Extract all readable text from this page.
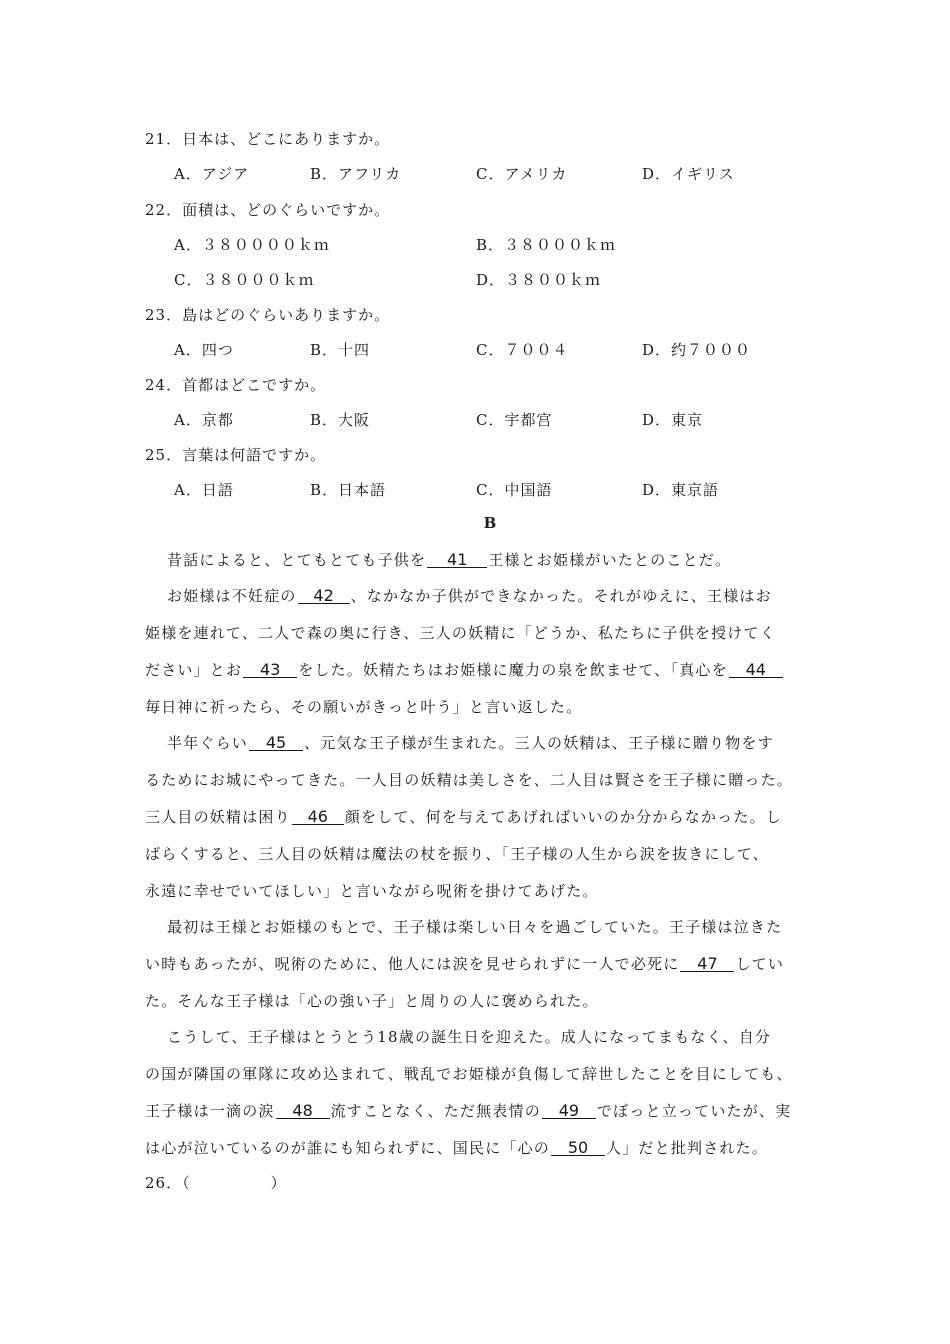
21．日本は、どこにありますか。
A．アジア	B．アフリカ	C．アメリカ	D．イギリス
22．面積は、どのぐらいですか。
A．３８００００ｋｍ	B．３８０００ｋｍ
C．３８０００ｋｍ	D．３８００ｋｍ
23．島はどのぐらいありますか。
A．四つ	B．十四	C．７００４	D．约７０００
24．首都はどこですか。
A．京都	B．大阪	C．宇都宫	D．東京
25．言葉は何語ですか。
A．日語	B．日本語	C．中国語	D．東京語
B
昔話によると、とてもとても子供を 41 王様とお姫様がいたとのことだ。
お姫様は不妊症の 42 、なかなか子供ができなかった。それがゆえに、王様はお
姫様を連れて、二人で森の奥に行き、三人の妖精に「どうか、私たちに子供を授けてく
ださい」とお 43 をした。妖精たちはお姫様に魔力の泉を飲ませて、「真心を 44
毎日神に祈ったら、その願いがきっと叶う」と言い返した。
半年ぐらい 45 、元気な王子様が生まれた。三人の妖精は、王子様に贈り物をす
るためにお城にやってきた。一人目の妖精は美しさを、二人目は賢さを王子様に贈った。
三人目の妖精は困り 46 顔をして、何を与えてあげればいいのか分からなかった。し
ばらくすると、三人目の妖精は魔法の杖を振り、「王子様の人生から涙を抜きにして、
永遠に幸せでいてほしい」と言いながら呪術を掛けてあげた。
最初は王様とお姫様のもとで、王子様は楽しい日々を過ごしていた。王子様は泣きた
い時もあったが、呪術のために、他人には涙を見せられずに一人で必死に 47 してい
た。そんな王子様は「心の強い子」と周りの人に褒められた。
こうして、王子様はとうとう18歳の誕生日を迎えた。成人になってまもなく、自分
の国が隣国の軍隊に攻め込まれて、戦乱でお姫様が負傷して辞世したことを目にしても、
王子様は一滴の涙 48 流すことなく、ただ無表情の 49 でぼっと立っていたが、実
は心が泣いているのが誰にも知られずに、国民に「心の 50 人」だと批判された。
26．（　　　　　）
